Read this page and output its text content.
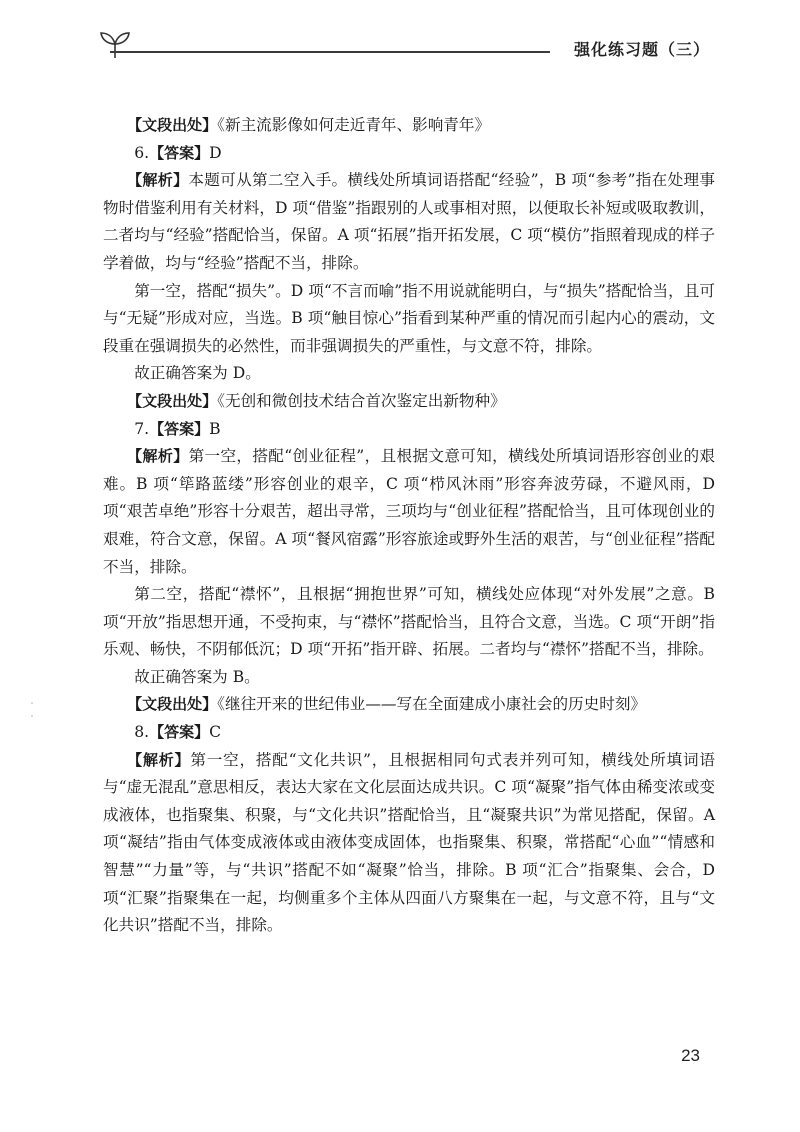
强化练习题（三）

【文段出处】《新主流影像如何走近青年、影响青年》

6.【答案】D

【解析】本题可从第二空入手。横线处所填词语搭配“经验”，B 项“参考”指在处理事物时借鉴利用有关材料，D 项“借鉴”指跟别的人或事相对照，以便取长补短或吸取教训，二者均与“经验”搭配恰当，保留。A 项“拓展”指开拓发展，C 项“模仿”指照着现成的样子学着做，均与“经验”搭配不当，排除。

第一空，搭配“损失”。D 项“不言而喻”指不用说就能明白，与“损失”搭配恰当，且可与“无疑”形成对应，当选。B 项“触目惊心”指看到某种严重的情况而引起内心的震动，文段重在强调损失的必然性，而非强调损失的严重性，与文意不符，排除。

故正确答案为 D。

【文段出处】《无创和微创技术结合首次鉴定出新物种》

7.【答案】B

【解析】第一空，搭配“创业征程”，且根据文意可知，横线处所填词语形容创业的艰难。B 项“筚路蓝缕”形容创业的艰辛，C 项“栉风沐雨”形容奔波劳碌，不避风雨，D 项“艰苦卓绝”形容十分艰苦，超出寻常，三项均与“创业征程”搭配恰当，且可体现创业的艰难，符合文意，保留。A 项“餐风宿露”形容旅途或野外生活的艰苦，与“创业征程”搭配不当，排除。

第二空，搭配“襟怀”，且根据“拥抱世界”可知，横线处应体现“对外发展”之意。B 项“开放”指思想开通，不受拘束，与“襟怀”搭配恰当，且符合文意，当选。C 项“开朗”指乐观、畅快，不阴郁低沉；D 项“开拓”指开辟、拓展。二者均与“襟怀”搭配不当，排除。

故正确答案为 B。

【文段出处】《继往开来的世纪伟业——写在全面建成小康社会的历史时刻》

8.【答案】C

【解析】第一空，搭配“文化共识”，且根据相同句式表并列可知，横线处所填词语与“虚无混乱”意思相反，表达大家在文化层面达成共识。C 项“凝聚”指气体由稀变浓或变成液体，也指聚集、积聚，与“文化共识”搭配恰当，且“凝聚共识”为常见搭配，保留。A 项“凝结”指由气体变成液体或由液体变成固体，也指聚集、积聚，常搭配“心血”“情感和智慧”“力量”等，与“共识”搭配不如“凝聚”恰当，排除。B 项“汇合”指聚集、会合，D 项“汇聚”指聚集在一起，均侧重多个主体从四面八方聚集在一起，与文意不符，且与“文化共识”搭配不当，排除。

23
